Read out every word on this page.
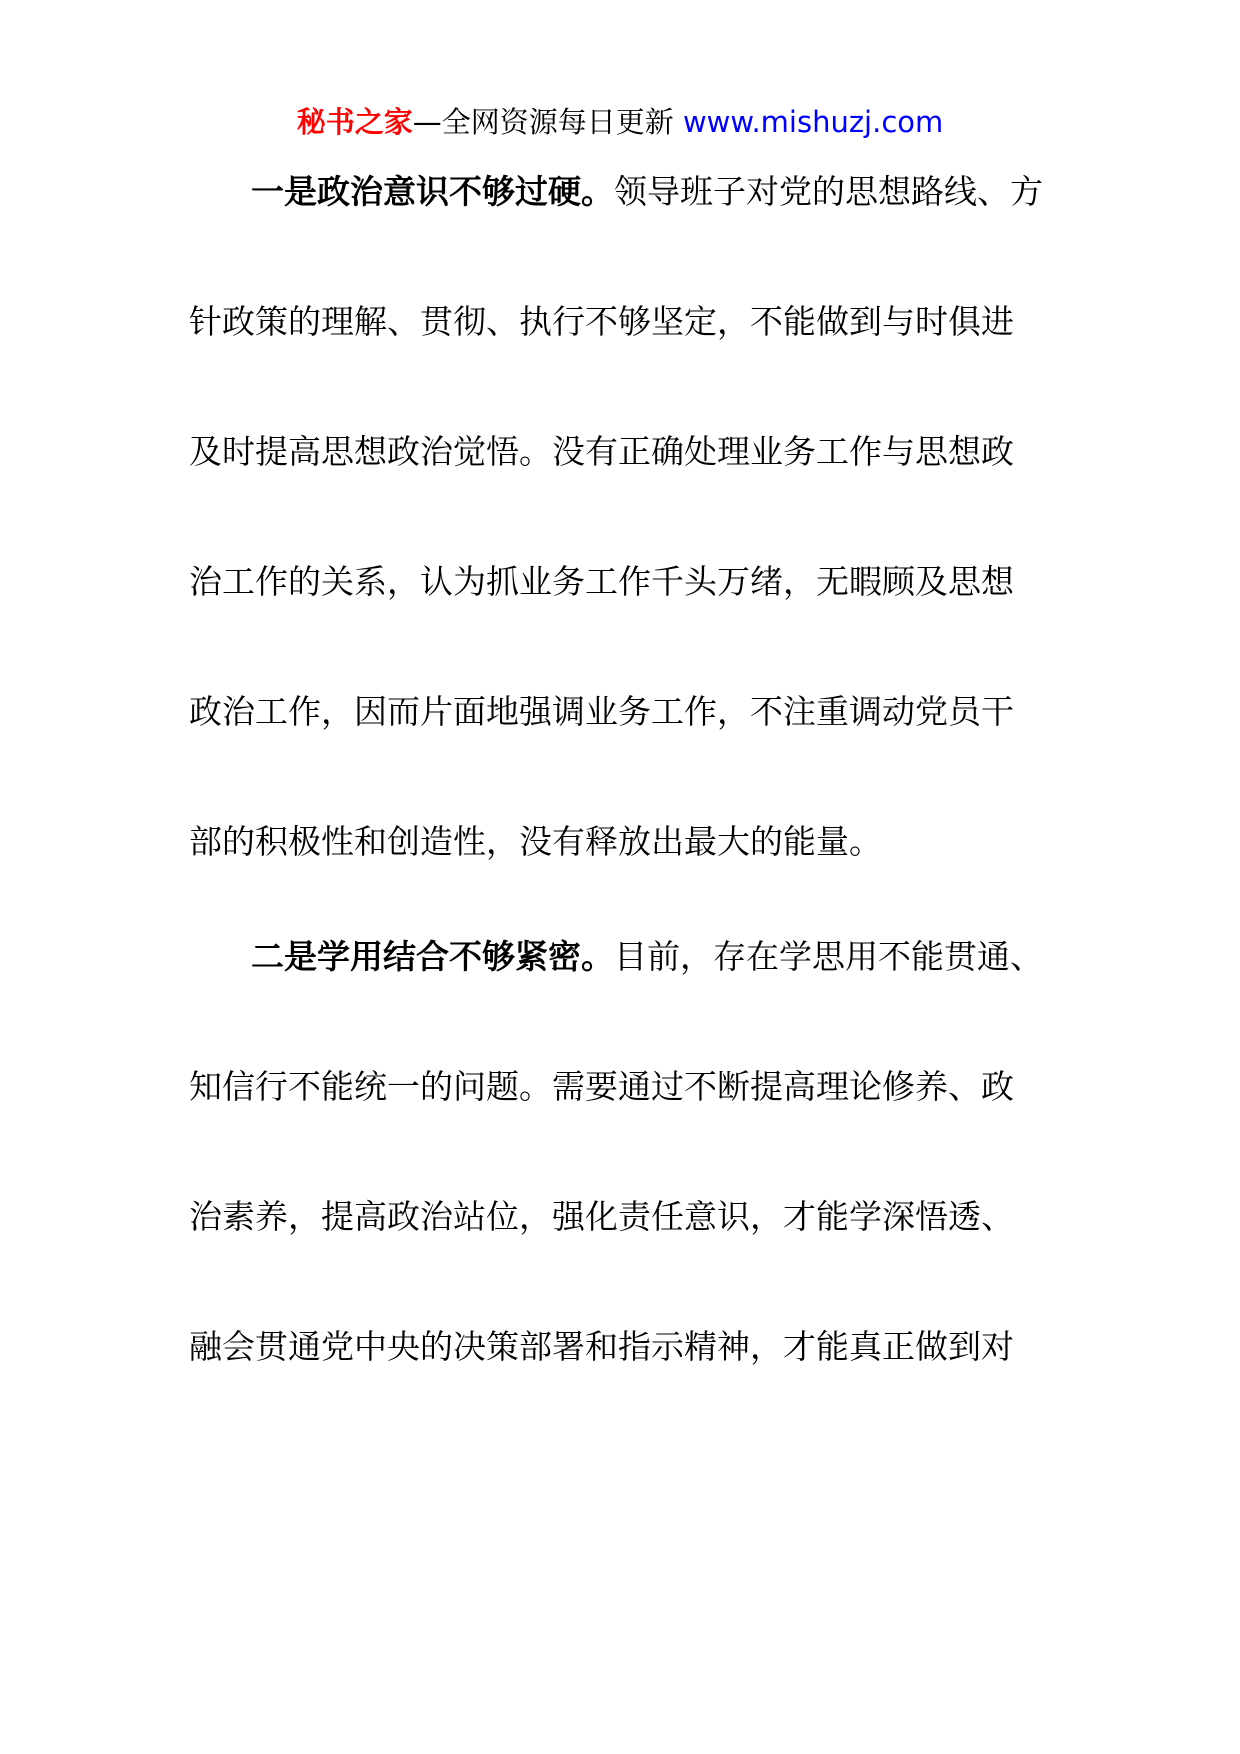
秘书之家—全网资源每日更新 www.mishuzj.com
一是政治意识不够过硬。领导班子对党的思想路线、方
针政策的理解、贯彻、执行不够坚定，不能做到与时俱进
及时提高思想政治觉悟。没有正确处理业务工作与思想政
治工作的关系，认为抓业务工作千头万绪，无暇顾及思想
政治工作，因而片面地强调业务工作，不注重调动党员干
部的积极性和创造性，没有释放出最大的能量。
二是学用结合不够紧密。目前，存在学思用不能贯通、
知信行不能统一的问题。需要通过不断提高理论修养、政
治素养，提高政治站位，强化责任意识，才能学深悟透、
融会贯通党中央的决策部署和指示精神，才能真正做到对
